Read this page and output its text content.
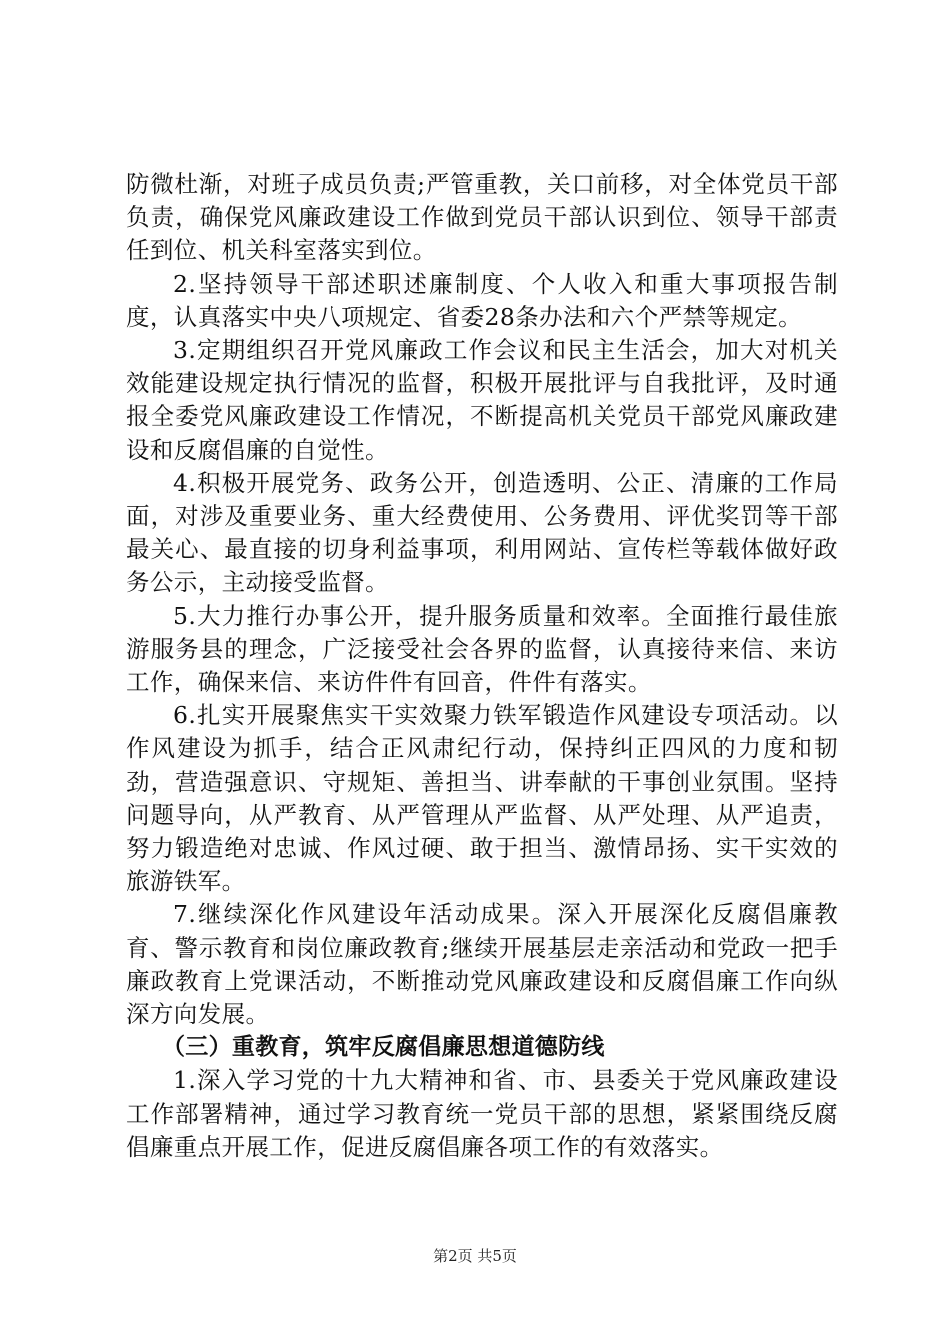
防微杜渐，对班子成员负责;严管重教，关口前移，对全体党员干部负责，确保党风廉政建设工作做到党员干部认识到位、领导干部责任到位、机关科室落实到位。

2.坚持领导干部述职述廉制度、个人收入和重大事项报告制度，认真落实中央八项规定、省委28条办法和六个严禁等规定。

3.定期组织召开党风廉政工作会议和民主生活会，加大对机关效能建设规定执行情况的监督，积极开展批评与自我批评，及时通报全委党风廉政建设工作情况，不断提高机关党员干部党风廉政建设和反腐倡廉的自觉性。

4.积极开展党务、政务公开，创造透明、公正、清廉的工作局面，对涉及重要业务、重大经费使用、公务费用、评优奖罚等干部最关心、最直接的切身利益事项，利用网站、宣传栏等载体做好政务公示，主动接受监督。

5.大力推行办事公开，提升服务质量和效率。全面推行最佳旅游服务县的理念，广泛接受社会各界的监督，认真接待来信、来访工作，确保来信、来访件件有回音，件件有落实。

6.扎实开展聚焦实干实效聚力铁军锻造作风建设专项活动。以作风建设为抓手，结合正风肃纪行动，保持纠正四风的力度和韧劲，营造强意识、守规矩、善担当、讲奉献的干事创业氛围。坚持问题导向，从严教育、从严管理从严监督、从严处理、从严追责，努力锻造绝对忠诚、作风过硬、敢于担当、激情昂扬、实干实效的旅游铁军。

7.继续深化作风建设年活动成果。深入开展深化反腐倡廉教育、警示教育和岗位廉政教育;继续开展基层走亲活动和党政一把手廉政教育上党课活动，不断推动党风廉政建设和反腐倡廉工作向纵深方向发展。

（三）重教育，筑牢反腐倡廉思想道德防线

1.深入学习党的十九大精神和省、市、县委关于党风廉政建设工作部署精神，通过学习教育统一党员干部的思想，紧紧围绕反腐倡廉重点开展工作，促进反腐倡廉各项工作的有效落实。

第2页 共5页
